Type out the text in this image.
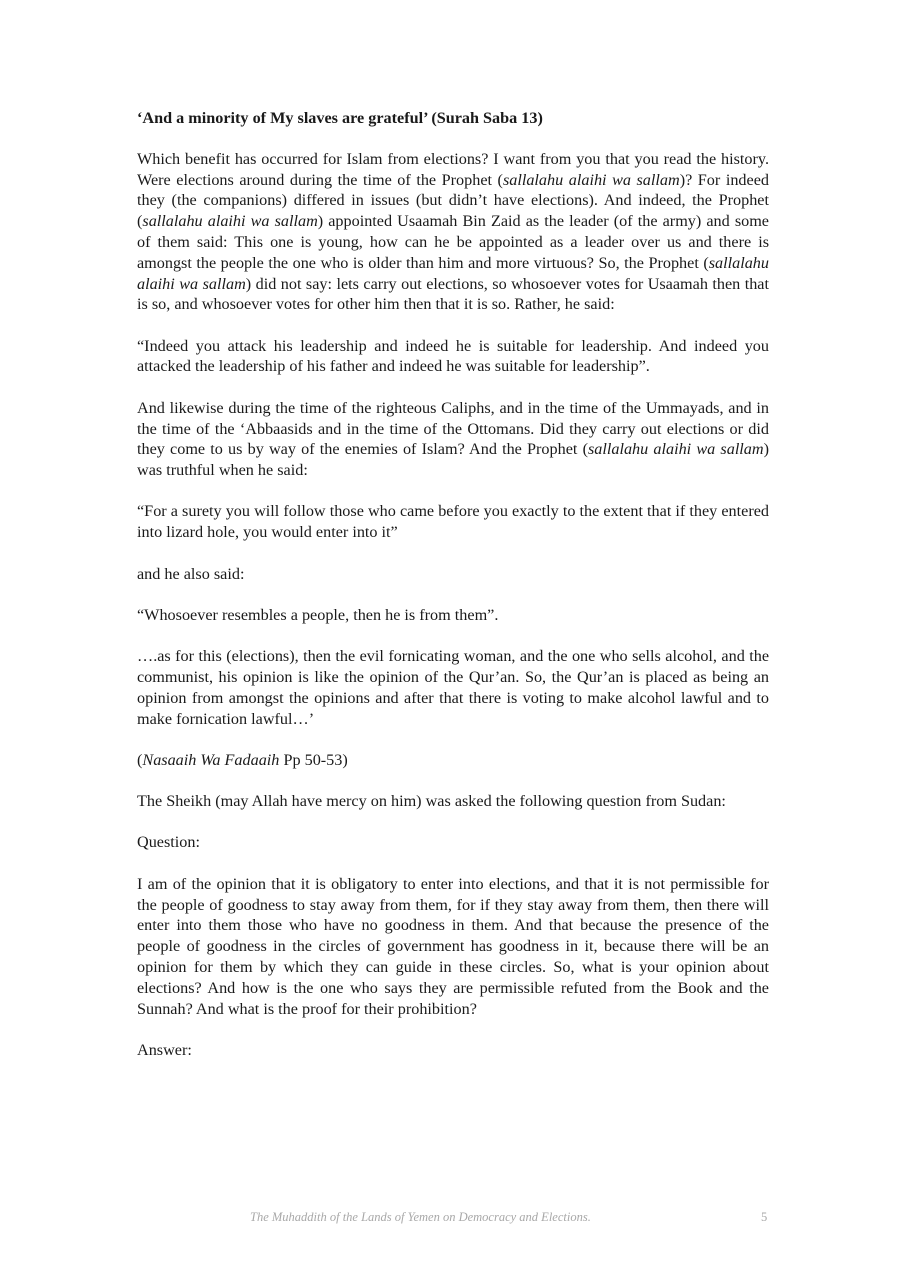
‘And a minority of My slaves are grateful’ (Surah Saba 13)

Which benefit has occurred for Islam from elections? I want from you that you read the history. Were elections around during the time of the Prophet (sallalahu alaihi wa sallam)? For indeed they (the companions) differed in issues (but didn’t have elections). And indeed, the Prophet (sallalahu alaihi wa sallam) appointed Usaamah Bin Zaid as the leader (of the army) and some of them said: This one is young, how can he be appointed as a leader over us and there is amongst the people the one who is older than him and more virtuous? So, the Prophet (sallalahu alaihi wa sallam) did not say: lets carry out elections, so whosoever votes for Usaamah then that is so, and whosoever votes for other him then that it is so. Rather, he said:

“Indeed you attack his leadership and indeed he is suitable for leadership. And indeed you attacked the leadership of his father and indeed he was suitable for leadership”.

And likewise during the time of the righteous Caliphs, and in the time of the Ummayads, and in the time of the ‘Abbaasids and in the time of the Ottomans. Did they carry out elections or did they come to us by way of the enemies of Islam? And the Prophet (sallalahu alaihi wa sallam) was truthful when he said:

“For a surety you will follow those who came before you exactly to the extent that if they entered into lizard hole, you would enter into it”

and he also said:

“Whosoever resembles a people, then he is from them”.

….as for this (elections), then the evil fornicating woman, and the one who sells alcohol, and the communist, his opinion is like the opinion of the Qur’an. So, the Qur’an is placed as being an opinion from amongst the opinions and after that there is voting to make alcohol lawful and to make fornication lawful…’

(Nasaaih Wa Fadaaih Pp 50-53)

The Sheikh (may Allah have mercy on him) was asked the following question from Sudan:

Question:

I am of the opinion that it is obligatory to enter into elections, and that it is not permissible for the people of goodness to stay away from them, for if they stay away from them, then there will enter into them those who have no goodness in them. And that because the presence of the people of goodness in the circles of government has goodness in it, because there will be an opinion for them by which they can guide in these circles. So, what is your opinion about elections? And how is the one who says they are permissible refuted from the Book and the Sunnah? And what is the proof for their prohibition?

Answer:

The Muhaddith of the Lands of Yemen on Democracy and Elections.	5
